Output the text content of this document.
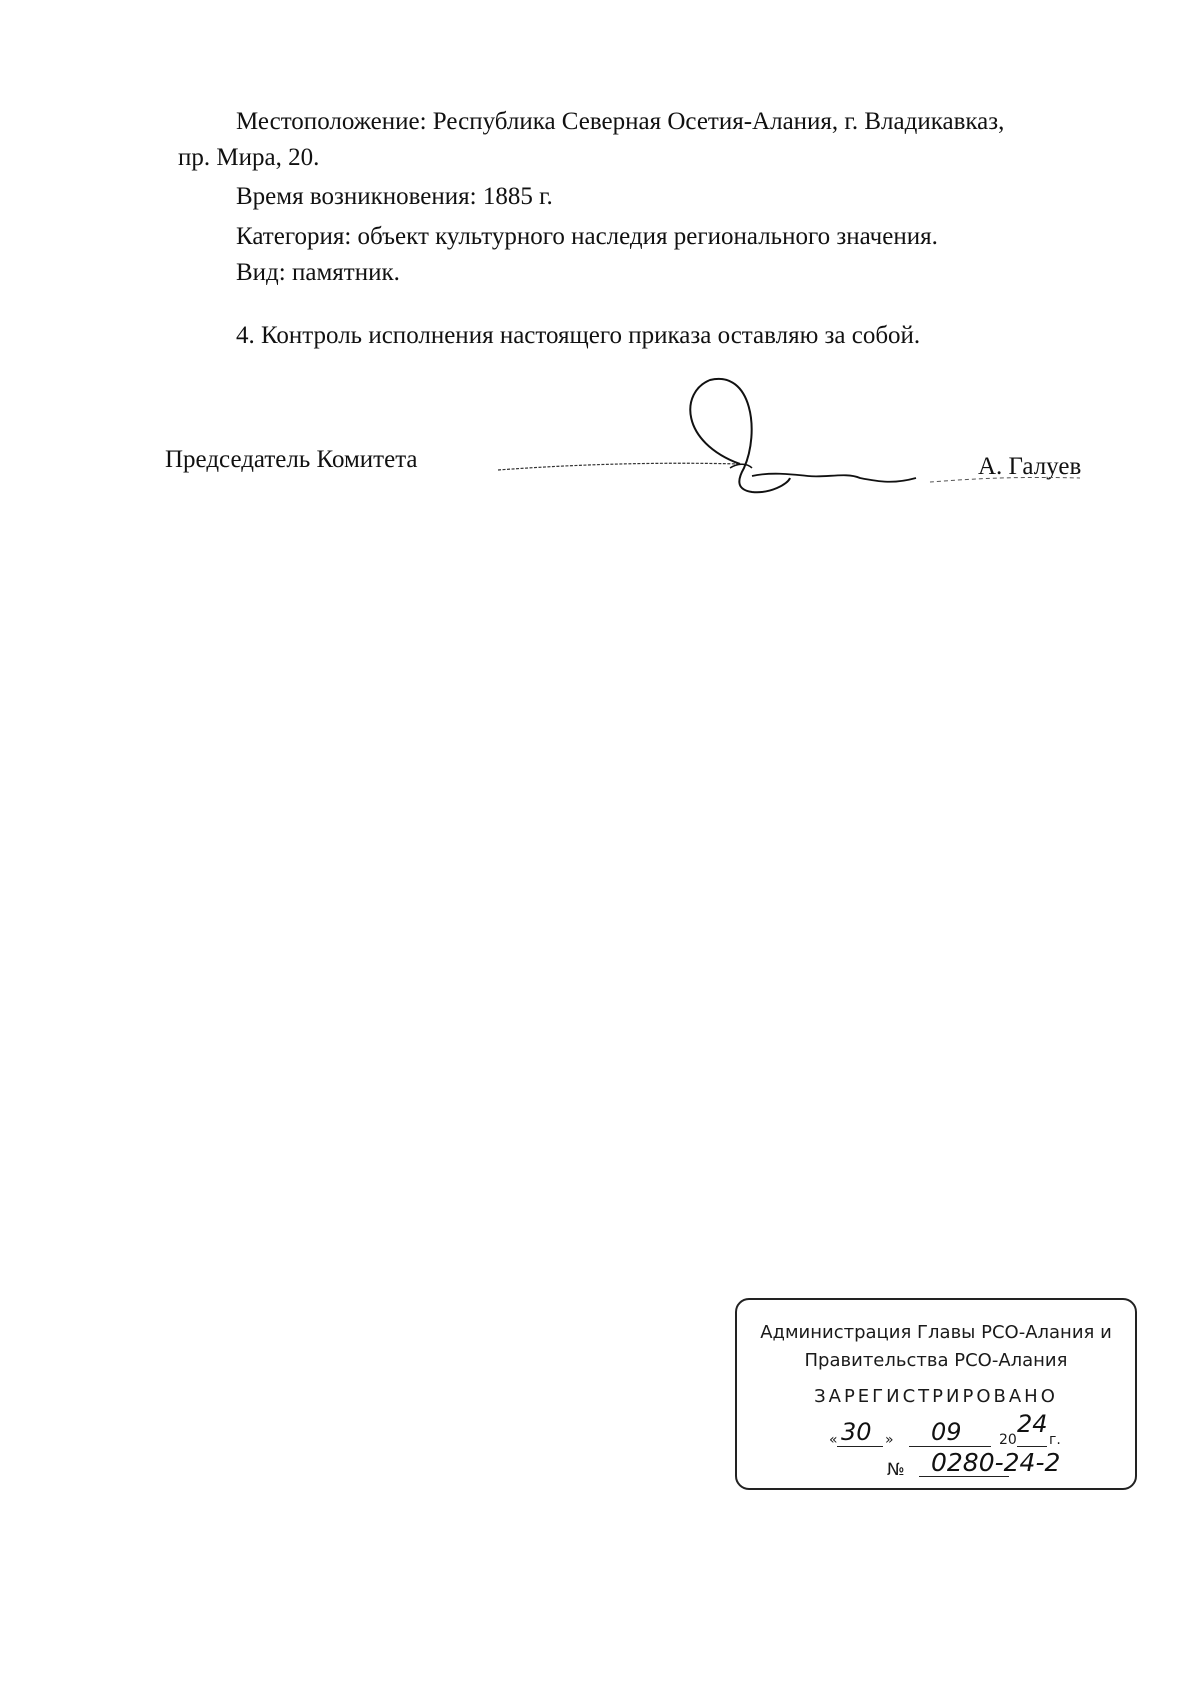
Местоположение: Республика Северная Осетия-Алания, г. Владикавказ,
пр. Мира, 20.
Время возникновения: 1885 г.
Категория: объект культурного наследия регионального значения.
Вид: памятник.
4. Контроль исполнения настоящего приказа оставляю за собой.
Председатель Комитета	А. Галуев
Администрация Главы РСО-Алания и
Правительства РСО-Алания
ЗАРЕГИСТРИРОВАНО
« 30 » 09	20
24
г.
№ 0280-24-2
